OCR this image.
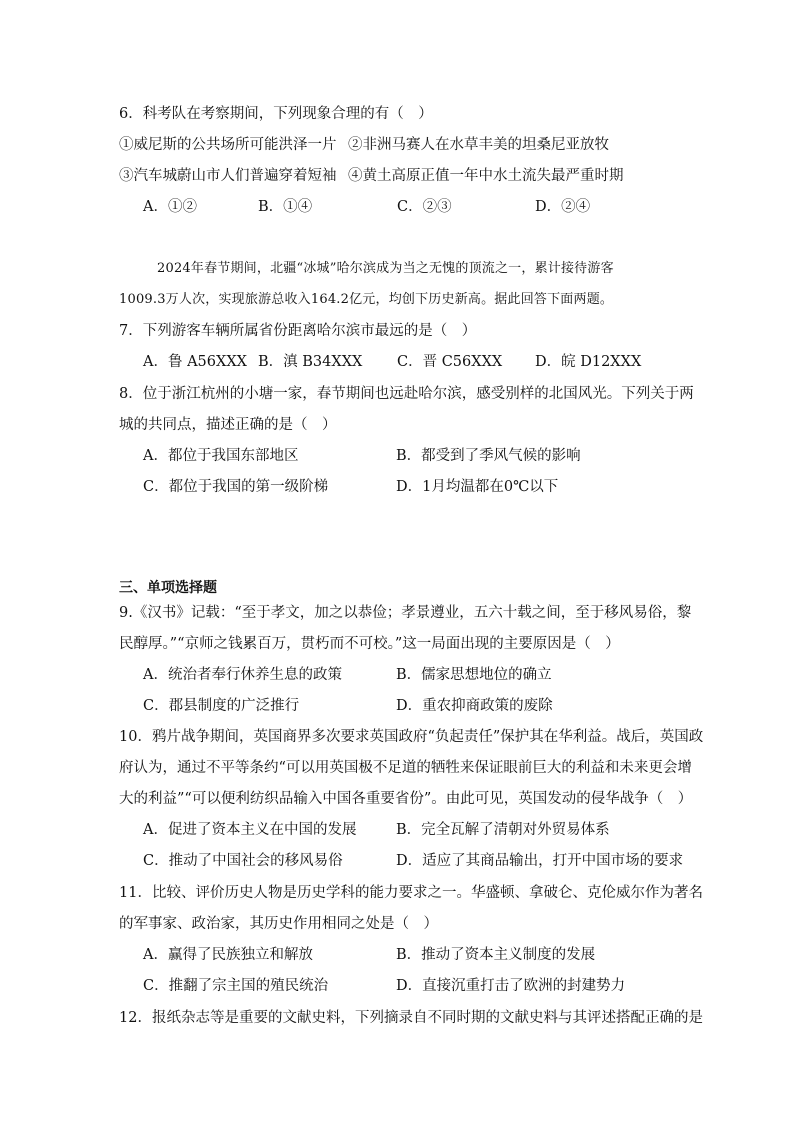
6．科考队在考察期间，下列现象合理的有（　）
①威尼斯的公共场所可能洪泽一片 ②非洲马赛人在水草丰美的坦桑尼亚放牧
③汽车城蔚山市人们普遍穿着短袖 ④黄土高原正值一年中水土流失最严重时期
A．①②	B．①④	C．②③	D．②④
2024年春节期间，北疆“冰城”哈尔滨成为当之无愧的顶流之一，累计接待游客
1009.3万人次，实现旅游总收入164.2亿元，均创下历史新高。据此回答下面两题。
7．下列游客车辆所属省份距离哈尔滨市最远的是（　）
A．鲁 A56XXX B．滇 B34XXX C．晋 C56XXX D．皖 D12XXX
8．位于浙江杭州的小塘一家，春节期间也远赴哈尔滨，感受别样的北国风光。下列关于两
城的共同点，描述正确的是（　）
A．都位于我国东部地区	B．都受到了季风气候的影响
C．都位于我国的第一级阶梯	D．1月均温都在0℃以下
三、单项选择题
9.《汉书》记载：“至于孝文，加之以恭俭；孝景遵业，五六十载之间，至于移风易俗，黎
民醇厚。”“京师之钱累百万，贯朽而不可校。”这一局面出现的主要原因是（　）
A．统治者奉行休养生息的政策	B．儒家思想地位的确立
C．郡县制度的广泛推行	D．重农抑商政策的废除
10．鸦片战争期间，英国商界多次要求英国政府“负起责任”保护其在华利益。战后，英国政
府认为，通过不平等条约“可以用英国极不足道的牺牲来保证眼前巨大的利益和未来更会增
大的利益”“可以便利纺织品输入中国各重要省份”。由此可见，英国发动的侵华战争（　）
A．促进了资本主义在中国的发展	B．完全瓦解了清朝对外贸易体系
C．推动了中国社会的移风易俗	D．适应了其商品输出，打开中国市场的要求
11．比较、评价历史人物是历史学科的能力要求之一。华盛顿、拿破仑、克伦威尔作为著名
的军事家、政治家，其历史作用相同之处是（　）
A．赢得了民族独立和解放	B．推动了资本主义制度的发展
C．推翻了宗主国的殖民统治	D．直接沉重打击了欧洲的封建势力
12．报纸杂志等是重要的文献史料，下列摘录自不同时期的文献史料与其评述搭配正确的是
